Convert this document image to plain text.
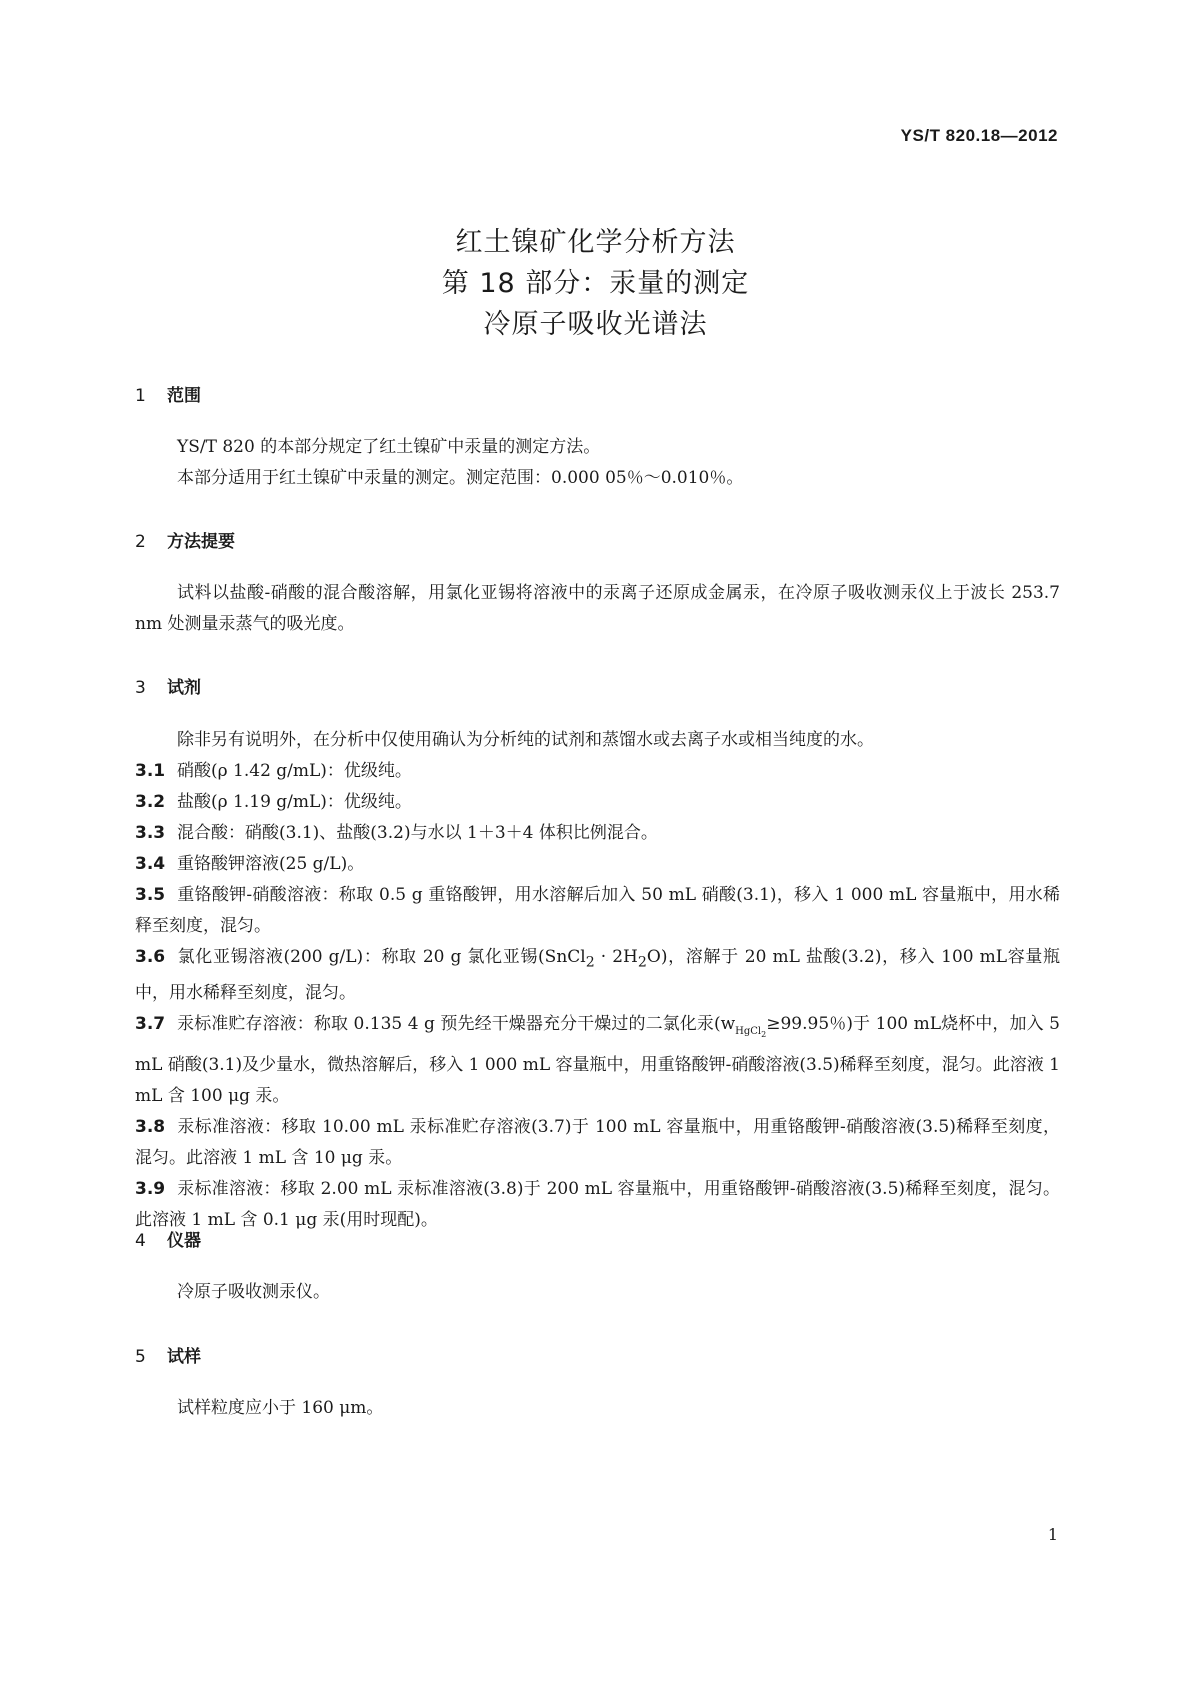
YS/T 820.18—2012
红土镍矿化学分析方法
第 18 部分：汞量的测定
冷原子吸收光谱法
1 范围
YS/T 820 的本部分规定了红土镍矿中汞量的测定方法。
本部分适用于红土镍矿中汞量的测定。测定范围：0.000 05％～0.010％。
2 方法提要
试料以盐酸-硝酸的混合酸溶解，用氯化亚锡将溶液中的汞离子还原成金属汞，在冷原子吸收测汞仪上于波长 253.7 nm 处测量汞蒸气的吸光度。
3 试剂
除非另有说明外，在分析中仅使用确认为分析纯的试剂和蒸馏水或去离子水或相当纯度的水。
3.1 硝酸(ρ 1.42 g/mL)：优级纯。
3.2 盐酸(ρ 1.19 g/mL)：优级纯。
3.3 混合酸：硝酸(3.1)、盐酸(3.2)与水以 1＋3＋4 体积比例混合。
3.4 重铬酸钾溶液(25 g/L)。
3.5 重铬酸钾-硝酸溶液：称取 0.5 g 重铬酸钾，用水溶解后加入 50 mL 硝酸(3.1)，移入 1 000 mL 容量瓶中，用水稀释至刻度，混匀。
3.6 氯化亚锡溶液(200 g/L)：称取 20 g 氯化亚锡(SnCl$_2$ · $2H_2O$)，溶解于 20 mL 盐酸(3.2)，移入 100 mL容量瓶中，用水稀释至刻度，混匀。
3.7 汞标准贮存溶液：称取 0.135 4 g 预先经干燥器充分干燥过的二氯化汞($w_{HgCl_2}\ge 99.95$％)于 100 mL烧杯中，加入 5 mL 硝酸(3.1)及少量水，微热溶解后，移入 1 000 mL 容量瓶中，用重铬酸钾-硝酸溶液(3.5)稀释至刻度，混匀。此溶液 1 mL 含 100 μg 汞。
3.8 汞标准溶液：移取 10.00 mL 汞标准贮存溶液(3.7)于 100 mL 容量瓶中，用重铬酸钾-硝酸溶液(3.5)稀释至刻度，混匀。此溶液 1 mL 含 10 μg 汞。
3.9 汞标准溶液：移取 2.00 mL 汞标准溶液(3.8)于 200 mL 容量瓶中，用重铬酸钾-硝酸溶液(3.5)稀释至刻度，混匀。此溶液 1 mL 含 0.1 μg 汞(用时现配)。
4 仪器
冷原子吸收测汞仪。
5 试样
试样粒度应小于 160 μm。
1
